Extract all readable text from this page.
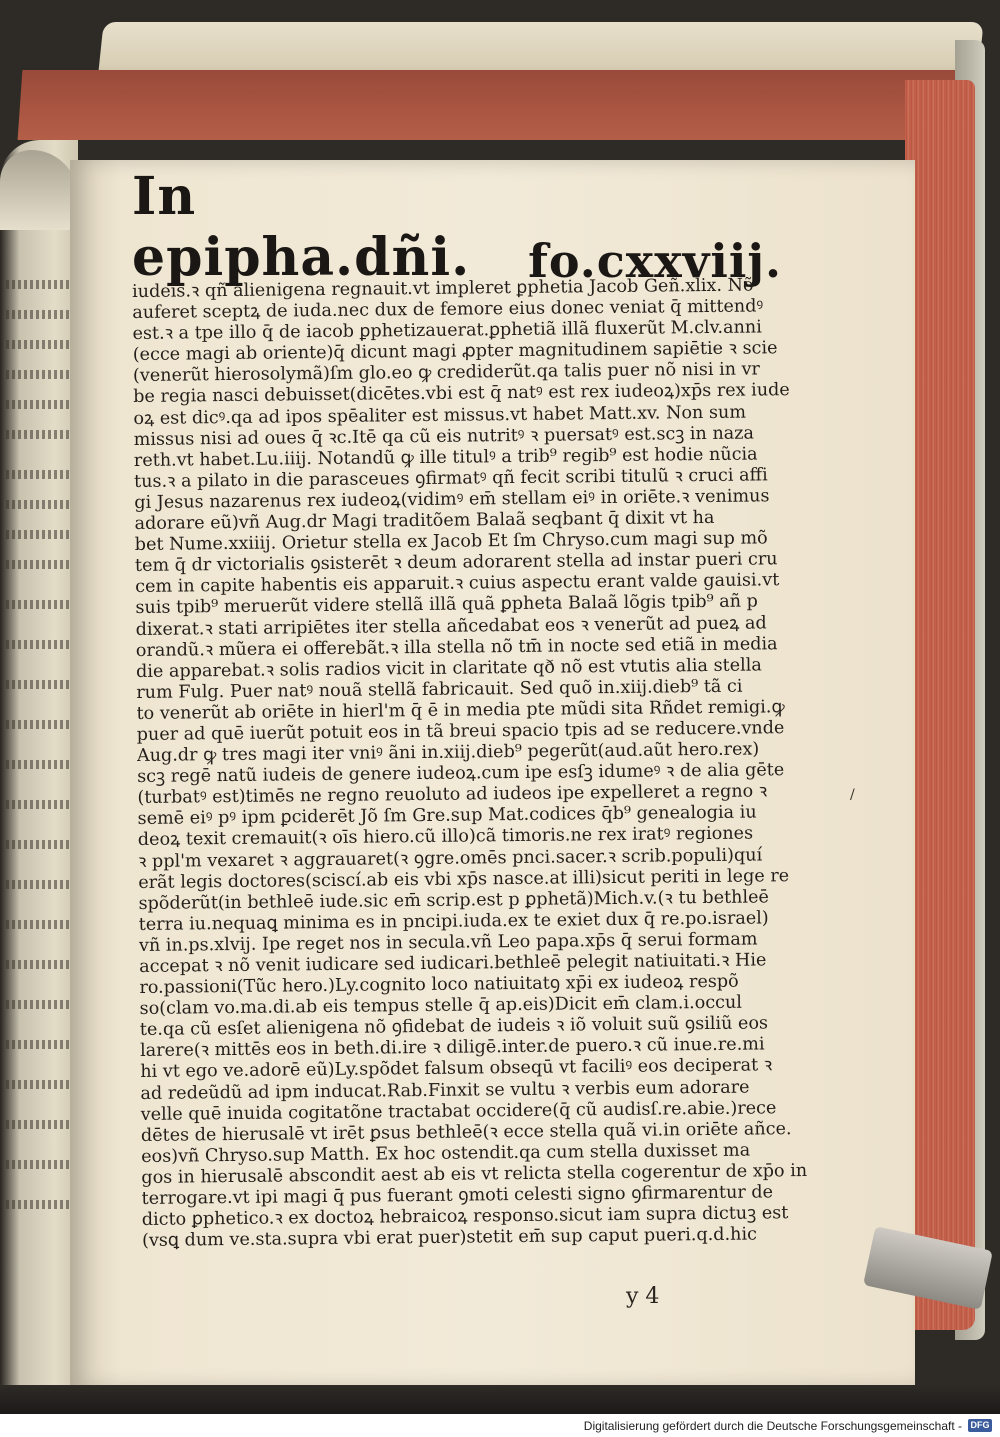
In epipha.dñi.	fo.cxxviij.
iudeis.ꝛ qñ alienigena regnauit.vt impleret ꝑphetia Jacob Geñ.xlix. Nõ
auferet sceptꝝ de iuda.nec dux de femore eius donec veniat q̄ mittendꝰ
est.ꝛ a tpe illo q̄ de iacob ꝑphetizauerat.ꝑphetiã illã fluxerũt M.clv.anni
(ecce magi ab oriente)q̄ dicunt magi ꝓpter magnitudinem sapiētie ꝛ scie
(venerũt hierosolymã)ſm glo.eo ꝙ crediderũt.qa talis puer nõ nisi in vr
be regia nasci debuisset(dicētes.vbi est q̄ natꝰ est rex iudeoꝝ)xp̄s rex iude
oꝝ est dicꝰ.qa ad ipos spēaliter est missus.vt habet Matt.xv. Non sum
missus nisi ad oues q̄ ꝛc.Itē qa cũ eis nutritꝰ ꝛ puersatꝰ est.scꝫ in naza
reth.vt habet.Lu.iiij. Notandũ ꝙ ille titulꝰ a trib⁹ regib⁹ est hodie nũcia
tus.ꝛ a pilato in die parasceues ꝯfirmatꝰ qñ fecit scribi titulũ ꝛ cruci affi
gi Jesus nazarenus rex iudeoꝝ(vidimꝰ em̄ stellam eiꝰ in oriēte.ꝛ venimus
adorare eũ)vñ Aug.dr Magi traditõem Balaã seqbant q̄ dixit vt ha
bet Nume.xxiiij. Orietur stella ex Jacob Et ſm Chryso.cum magi sup mõ
tem q̄ dr victorialis ꝯsisterēt ꝛ deum adorarent stella ad instar pueri cru
cem in capite habentis eis apparuit.ꝛ cuius aspectu erant valde gauisi.vt
suis tpib⁹ meruerũt videre stellã illã quã ꝑpheta Balaã lõgis tpib⁹ añ p
dixerat.ꝛ stati arripiētes iter stella añcedabat eos ꝛ venerũt ad pueꝝ ad
orandũ.ꝛ mũera ei offerebãt.ꝛ illa stella nõ tm̄ in nocte sed etiã in media
die apparebat.ꝛ solis radios vicit in claritate qð nõ est vtutis alia stella
rum Fulg. Puer natꝰ nouã stellã fabricauit. Sed quõ in.xiij.dieb⁹ tã ci
to venerũt ab oriēte in hierl'm q̄ ē in media pte mũdi sita Rñdet remigi.ꝙ
puer ad quē iuerũt potuit eos in tã breui spacio tpis ad se reducere.vnde
Aug.dr ꝙ tres magi iter vniꝰ ãni in.xiij.dieb⁹ pegerũt(aud.aũt hero.rex)
scꝫ regē natũ iudeis de genere iudeoꝝ.cum ipe esſꝫ idumeꝰ ꝛ de alia gēte
(turbatꝰ est)timēs ne regno reuoluto ad iudeos ipe expelleret a regno ꝛ
semē eiꝰ pꝰ ipm ꝑciderēt Jõ ſm Gre.sup Mat.codices q̄b⁹ genealogia iu
deoꝝ texit cremauit(ꝛ oīs hiero.cũ illo)cã timoris.ne rex iratꝰ regiones
ꝛ ppl'm vexaret ꝛ aggrauaret(ꝛ ꝯgre.omēs pnci.sacer.ꝛ scrib.populi)quí
erãt legis doctores(sciscí.ab eis vbi xp̄s nasce.at illi)sicut periti in lege re
spõderũt(in bethleē iude.sic em̄ scrip.est p ꝑphetã)Mich.v.(ꝛ tu bethleē
terra iu.nequaꝗ minima es in pncipi.iuda.ex te exiet dux q̄ re.po.israel)
vñ in.ps.xlvij. Ipe reget nos in secula.vñ Leo papa.xp̄s q̄ serui formam
accepat ꝛ nõ venit iudicare sed iudicari.bethleē pelegit natiuitati.ꝛ Hie
ro.passioni(Tũc hero.)Ly.cognito loco natiuitatꝯ xp̄i ex iudeoꝝ respõ
so(clam vo.ma.di.ab eis tempus stelle q̄ ap.eis)Dicit em̄ clam.i.occul
te.qa cũ esſet alienigena nõ ꝯfidebat de iudeis ꝛ iõ voluit suũ ꝯsiliũ eos
larere(ꝛ mittēs eos in beth.di.ire ꝛ diligē.inter.de puero.ꝛ cũ inue.re.mi
hi vt ego ve.adorē eũ)Ly.spõdet falsum obseqū vt faciliꝰ eos deciperat ꝛ
ad redeũdũ ad ipm inducat.Rab.Finxit se vultu ꝛ verbis eum adorare
velle quē inuida cogitatõne tractabat occidere(q̄ cũ audisſ.re.abie.)rece
dētes de hierusalē vt irēt ꝑsus bethleē(ꝛ ecce stella quã vi.in oriēte añce.
eos)vñ Chryso.sup Matth. Ex hoc ostendit.qa cum stella duxisset ma
gos in hierusalē abscondit aest ab eis vt relicta stella cogerentur de xp̄o in
terrogare.vt ipi magi q̄ pus fuerant ꝯmoti celesti signo ꝯfirmarentur de
dicto ꝑphetico.ꝛ ex doctoꝝ hebraicoꝝ responso.sicut iam supra dictuꝫ est
(vsꝗ dum ve.sta.supra vbi erat puer)stetit em̄ sup caput pueri.q.d.hic
/
y 4
Digitalisierung gefördert durch die Deutsche Forschungsgemeinschaft - DFG
